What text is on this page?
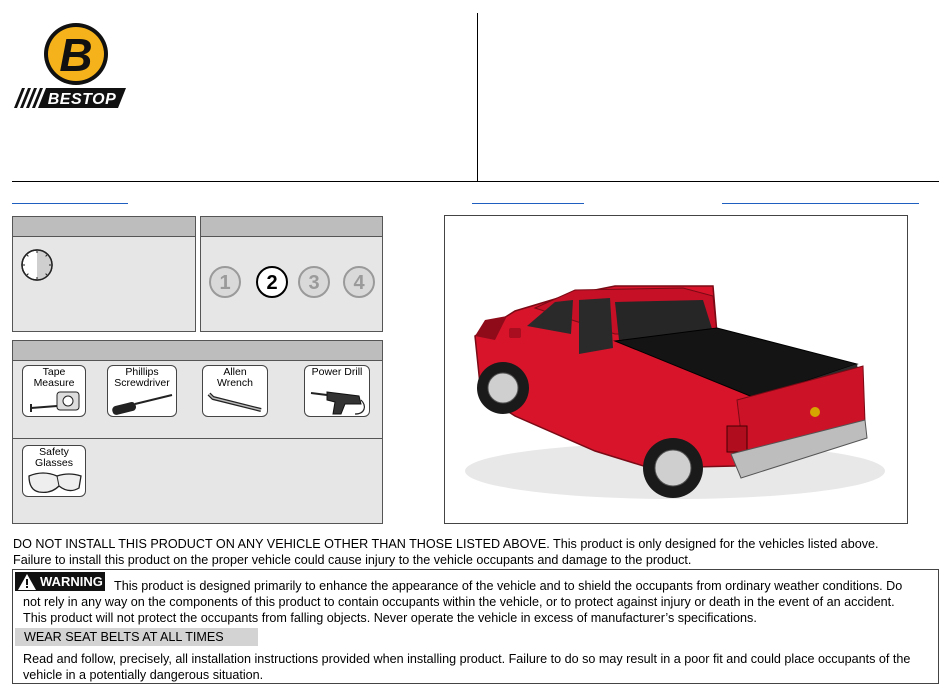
B
BESTOP
1	2	3	4
Tape
Measure
Phillips
Screwdriver
Allen
Wrench
Power Drill
Safety
Glasses
DO NOT INSTALL THIS PRODUCT ON ANY VEHICLE OTHER THAN THOSE LISTED ABOVE. This product is only designed for the vehicles listed above.
Failure to install this product on the proper vehicle could cause injury to the vehicle occupants and damage to the product.
WARNING This product is designed primarily to enhance the appearance of the vehicle and to shield the occupants from ordinary weather conditions. Do
not rely in any way on the components of this product to contain occupants within the vehicle, or to protect against injury or death in the event of an accident.
This product will not protect the occupants from falling objects. Never operate the vehicle in excess of manufacturer’s specifications.
WEAR SEAT BELTS AT ALL TIMES
Read and follow, precisely, all installation instructions provided when installing product. Failure to do so may result in a poor fit and could place occupants of the
vehicle in a potentially dangerous situation.
